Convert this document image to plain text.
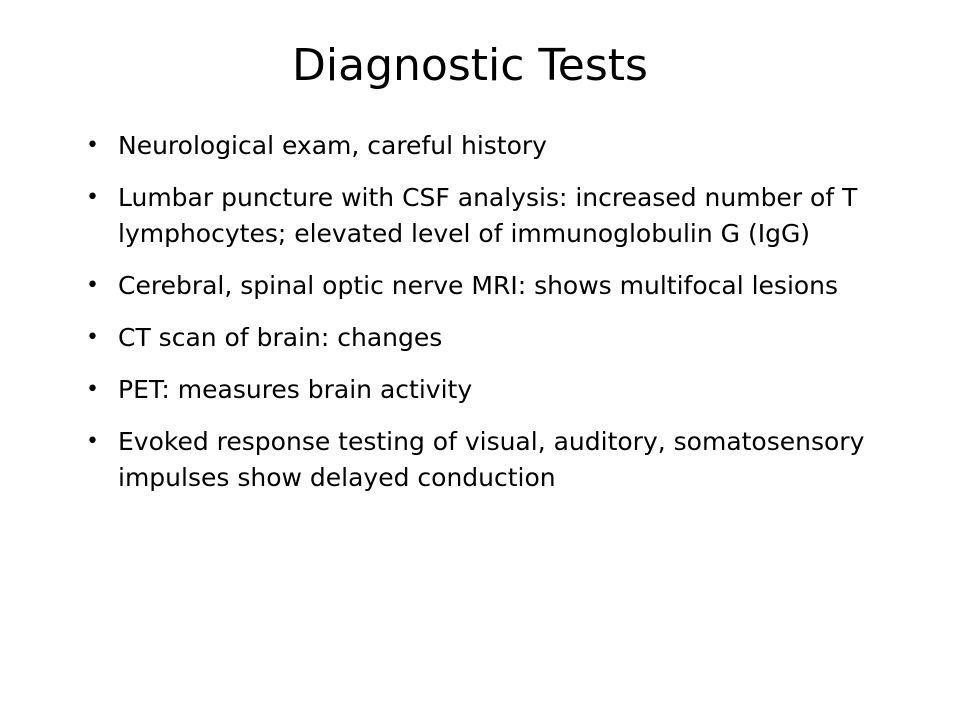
Diagnostic Tests
• Neurological exam, careful history
• Lumbar puncture with CSF analysis: increased number of T lymphocytes; elevated level of immunoglobulin G (IgG)
• Cerebral, spinal optic nerve MRI: shows multifocal lesions
• CT scan of brain: changes
• PET: measures brain activity
• Evoked response testing of visual, auditory, somatosensory impulses show delayed conduction
